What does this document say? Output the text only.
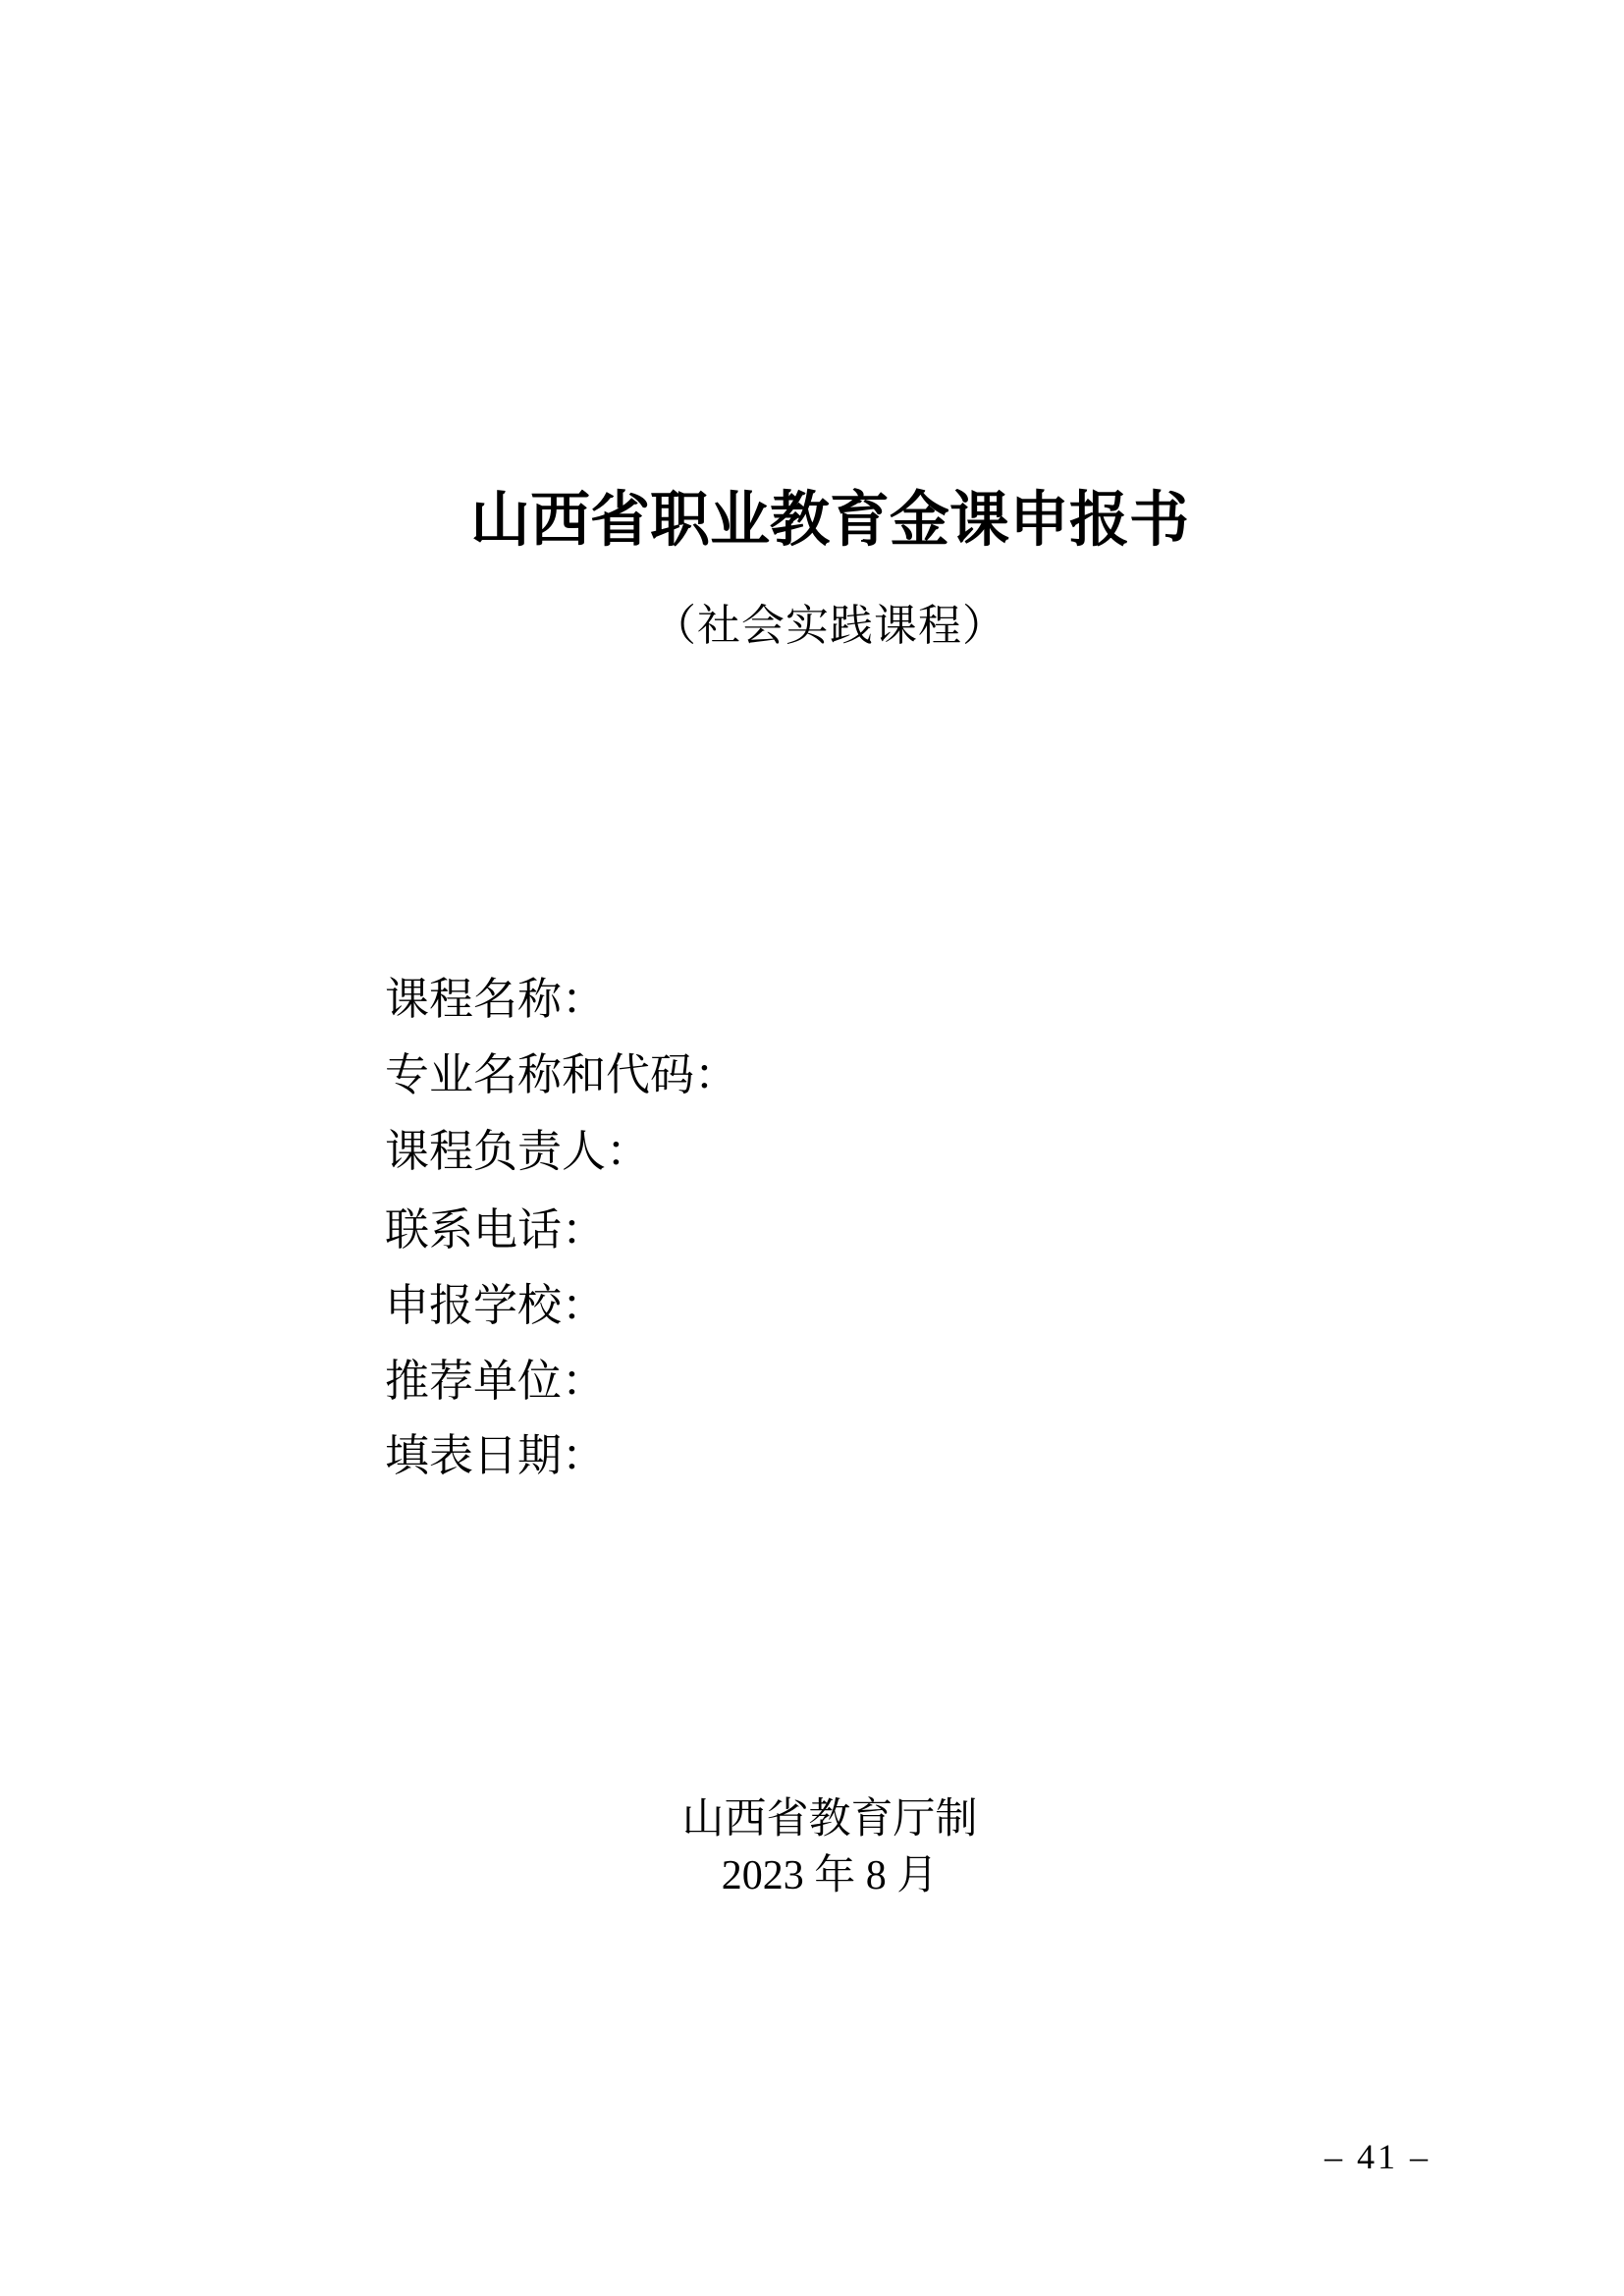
山西省职业教育金课申报书
（社会实践课程）
课程名称：
专业名称和代码：
课程负责人：
联系电话：
申报学校：
推荐单位：
填表日期：
山西省教育厅制
2023 年 8 月
– 41 –
